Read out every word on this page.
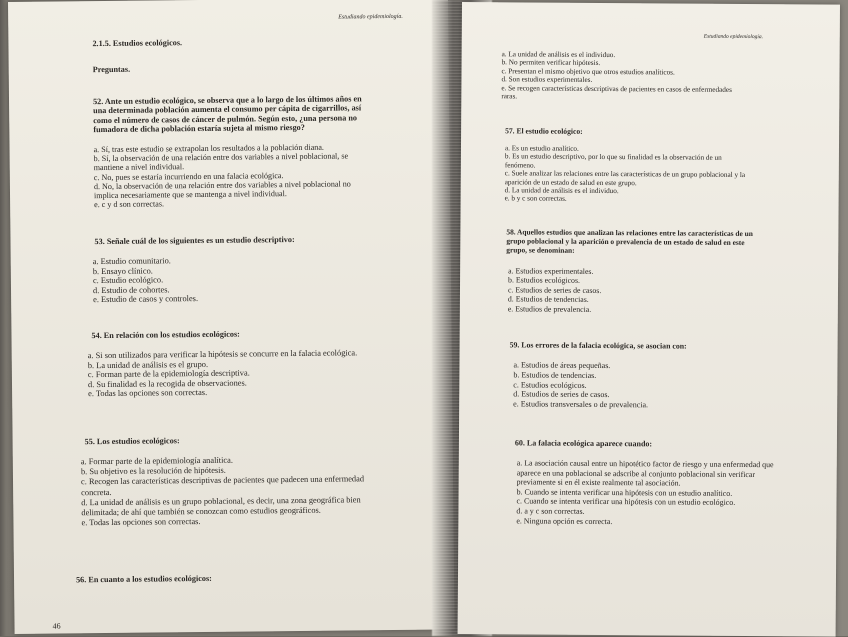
Estudiando epidemiología.
2.1.5. Estudios ecológicos.
Preguntas.
52. Ante un estudio ecológico, se observa que a lo largo de los últimos años en
una determinada población aumenta el consumo per cápita de cigarrillos, así
como el número de casos de cáncer de pulmón. Según esto, ¿una persona no
fumadora de dicha población estaría sujeta al mismo riesgo?
a. Sí, tras este estudio se extrapolan los resultados a la población diana.
b. Sí, la observación de una relación entre dos variables a nivel poblacional, se
mantiene a nivel individual.
c. No, pues se estaría incurriendo en una falacia ecológica.
d. No, la observación de una relación entre dos variables a nivel poblacional no
implica necesariamente que se mantenga a nivel individual.
e. c y d son correctas.
53. Señale cuál de los siguientes es un estudio descriptivo:
a. Estudio comunitario.
b. Ensayo clínico.
c. Estudio ecológico.
d. Estudio de cohortes.
e. Estudio de casos y controles.
54. En relación con los estudios ecológicos:
a. Si son utilizados para verificar la hipótesis se concurre en la falacia ecológica.
b. La unidad de análisis es el grupo.
c. Forman parte de la epidemiología descriptiva.
d. Su finalidad es la recogida de observaciones.
e. Todas las opciones son correctas.
55. Los estudios ecológicos:
a. Formar parte de la epidemiología analítica.
b. Su objetivo es la resolución de hipótesis.
c. Recogen las características descriptivas de pacientes que padecen una enfermedad
concreta.
d. La unidad de análisis es un grupo poblacional, es decir, una zona geográfica bien
delimitada; de ahí que también se conozcan como estudios geográficos.
e. Todas las opciones son correctas.
56. En cuanto a los estudios ecológicos:
46
Estudiando epidemiología.
a. La unidad de análisis es el individuo.
b. No permiten verificar hipótesis.
c. Presentan el mismo objetivo que otros estudios analíticos.
d. Son estudios experimentales.
e. Se recogen características descriptivas de pacientes en casos de enfermedades
raras.
57. El estudio ecológico:
a. Es un estudio analítico.
b. Es un estudio descriptivo, por lo que su finalidad es la observación de un
fenómeno.
c. Suele analizar las relaciones entre las características de un grupo poblacional y la
aparición de un estado de salud en este grupo.
d. La unidad de análisis es el individuo.
e. b y c son correctas.
58. Aquellos estudios que analizan las relaciones entre las características de un
grupo poblacional y la aparición o prevalencia de un estado de salud en este
grupo, se denominan:
a. Estudios experimentales.
b. Estudios ecológicos.
c. Estudios de series de casos.
d. Estudios de tendencias.
e. Estudios de prevalencia.
59. Los errores de la falacia ecológica, se asocian con:
a. Estudios de áreas pequeñas.
b. Estudios de tendencias.
c. Estudios ecológicos.
d. Estudios de series de casos.
e. Estudios transversales o de prevalencia.
60. La falacia ecológica aparece cuando:
a. La asociación causal entre un hipotético factor de riesgo y una enfermedad que
aparece en una poblacional se adscribe al conjunto poblacional sin verificar
previamente si en él existe realmente tal asociación.
b. Cuando se intenta verificar una hipótesis con un estudio analítico.
c. Cuando se intenta verificar una hipótesis con un estudio ecológico.
d. a y c son correctas.
e. Ninguna opción es correcta.
